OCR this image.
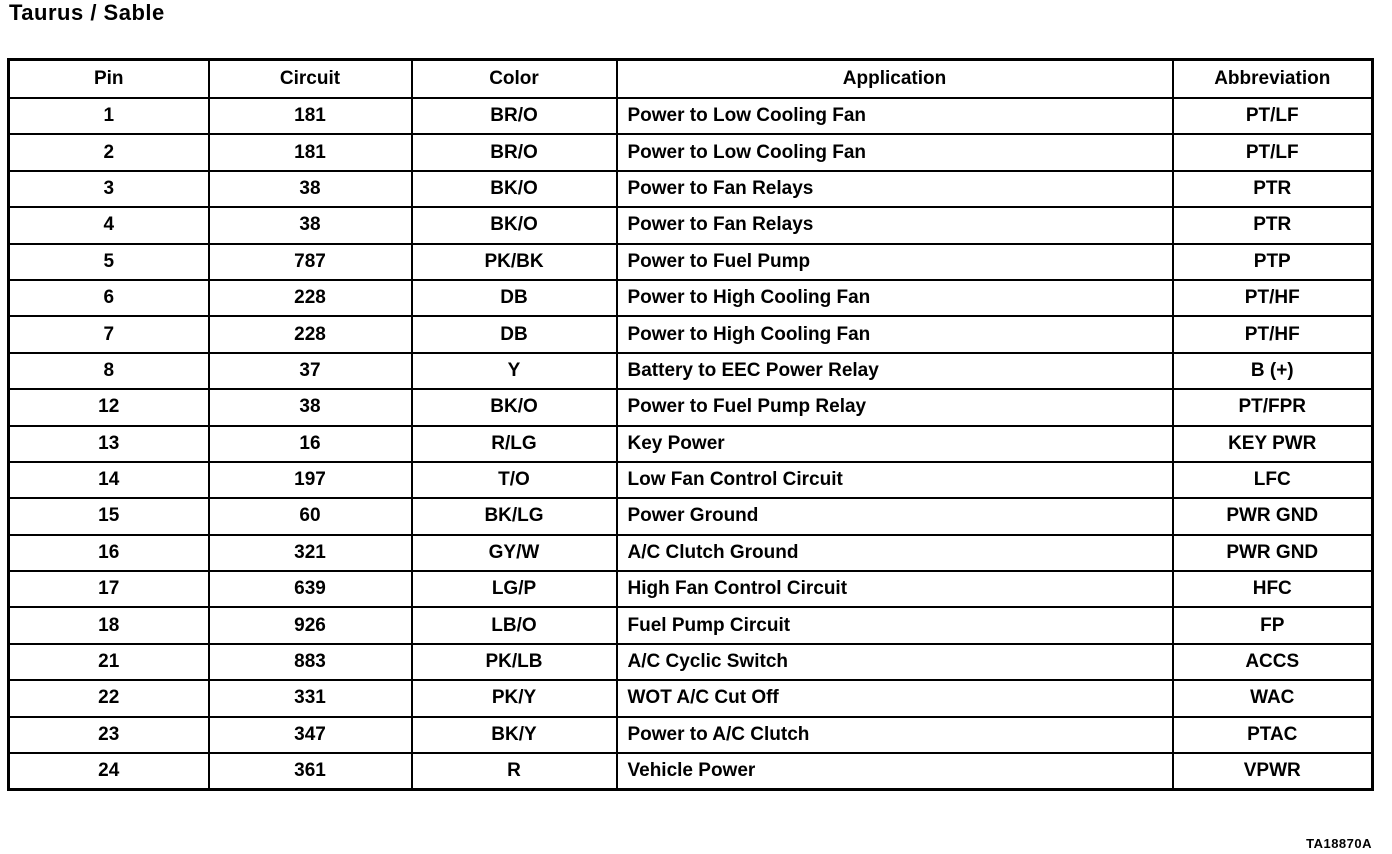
Taurus / Sable
Pin	Circuit	Color	Application	Abbreviation
1	181	BR/O	Power to Low Cooling Fan	PT/LF
2	181	BR/O	Power to Low Cooling Fan	PT/LF
3	38	BK/O	Power to Fan Relays	PTR
4	38	BK/O	Power to Fan Relays	PTR
5	787	PK/BK	Power to Fuel Pump	PTP
6	228	DB	Power to High Cooling Fan	PT/HF
7	228	DB	Power to High Cooling Fan	PT/HF
8	37	Y	Battery to EEC Power Relay	B (+)
12	38	BK/O	Power to Fuel Pump Relay	PT/FPR
13	16	R/LG	Key Power	KEY PWR
14	197	T/O	Low Fan Control Circuit	LFC
15	60	BK/LG	Power Ground	PWR GND
16	321	GY/W	A/C Clutch Ground	PWR GND
17	639	LG/P	High Fan Control Circuit	HFC
18	926	LB/O	Fuel Pump Circuit	FP
21	883	PK/LB	A/C Cyclic Switch	ACCS
22	331	PK/Y	WOT A/C Cut Off	WAC
23	347	BK/Y	Power to A/C Clutch	PTAC
24	361	R	Vehicle Power	VPWR
TA18870A
